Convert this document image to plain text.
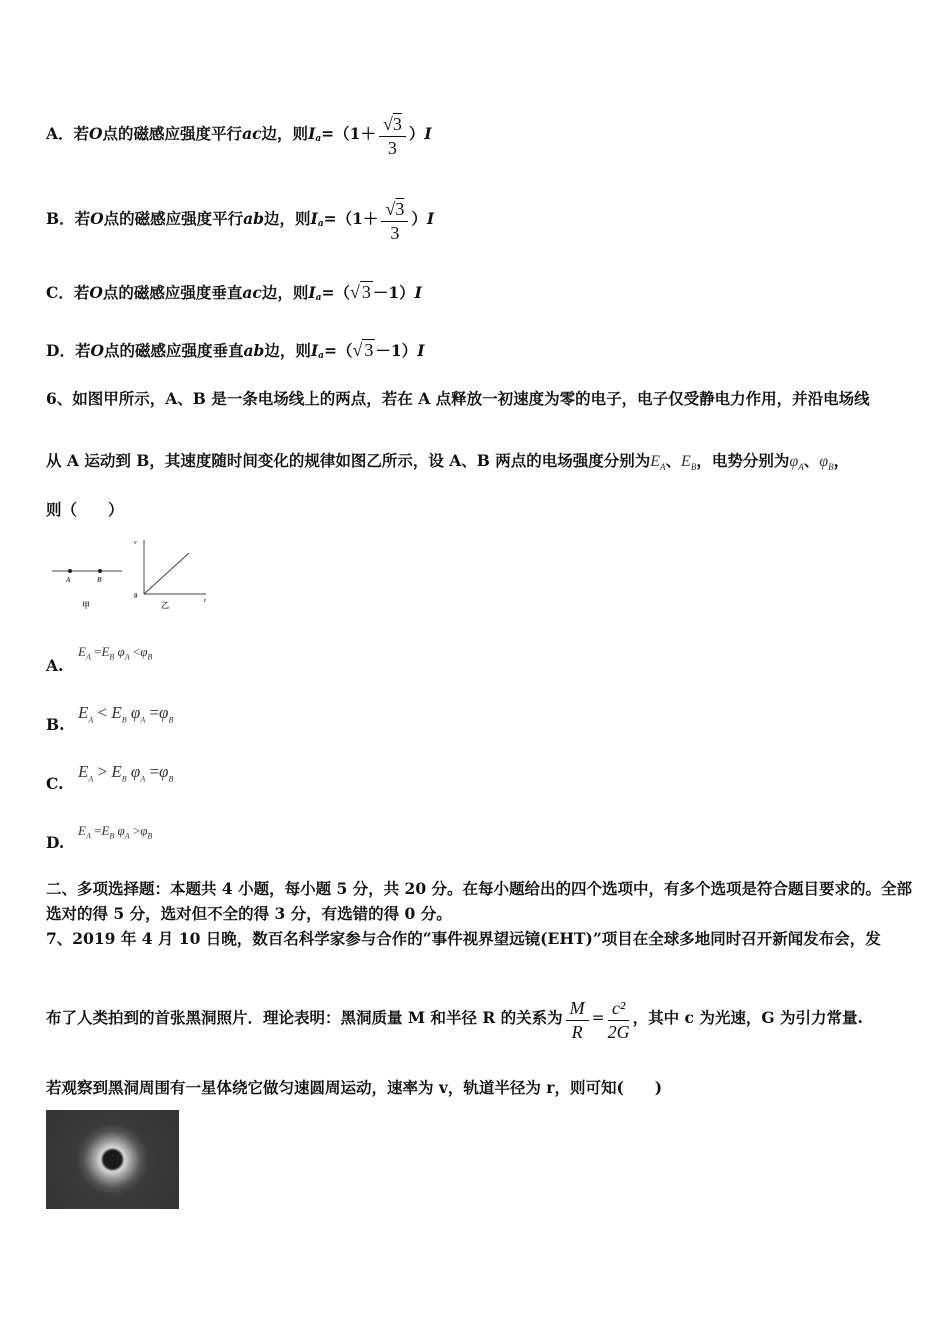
A．若O点的磁感应强度平行ac边，则$I_a=(1+ \frac{√3}{3} )I$
B．若O点的磁感应强度平行ab边，则$I_a=(1+ \frac{√3}{3} )I$
C．若O点的磁感应强度垂直ac边，则$I_a=(√$ 3 －1）I
D．若O点的磁感应强度垂直ab边，则$I_a=(√$ 3 －1）I
6、如图甲所示，A、B 是一条电场线上的两点，若在 A 点释放一初速度为零的电子，电子仅受静电力作用，并沿电场线
从 A 运动到 B，其速度随时间变化的规律如图乙所示，设 A、B 两点的电场强度分别为$E_A$、$E_B$，电势分别为$\varphi_A$、$\varphi_B$，
则（　　）
A	B
甲
v
t
0
乙
A.
$E_A =E_B$ $\varphi_A <\varphi_B$
B.
$E_A < E_B$ $\varphi_A =\varphi_B$
C.
$E_A > E_B$ $\varphi_A =\varphi_B$
D.
$E_A =E_B$ $\varphi_A >\varphi_B$
二、多项选择题：本题共 4 小题，每小题 5 分，共 20 分。在每小题给出的四个选项中，有多个选项是符合题目要求的。全部选对的得 5 分，选对但不全的得 3 分，有选错的得 0 分。
7、2019 年 4 月 10 日晚，数百名科学家参与合作的“事件视界望远镜(EHT)”项目在全球多地同时召开新闻发布会，发
布了人类拍到的首张黑洞照片．理论表明：黑洞质量 M 和半径 R 的关系为 $\frac{M}{R} = \frac{\text{c²}}{2G}$ ，其中 c 为光速，G 为引力常量.
若观察到黑洞周围有一星体绕它做匀速圆周运动，速率为 v，轨道半径为 r，则可知(　　)
